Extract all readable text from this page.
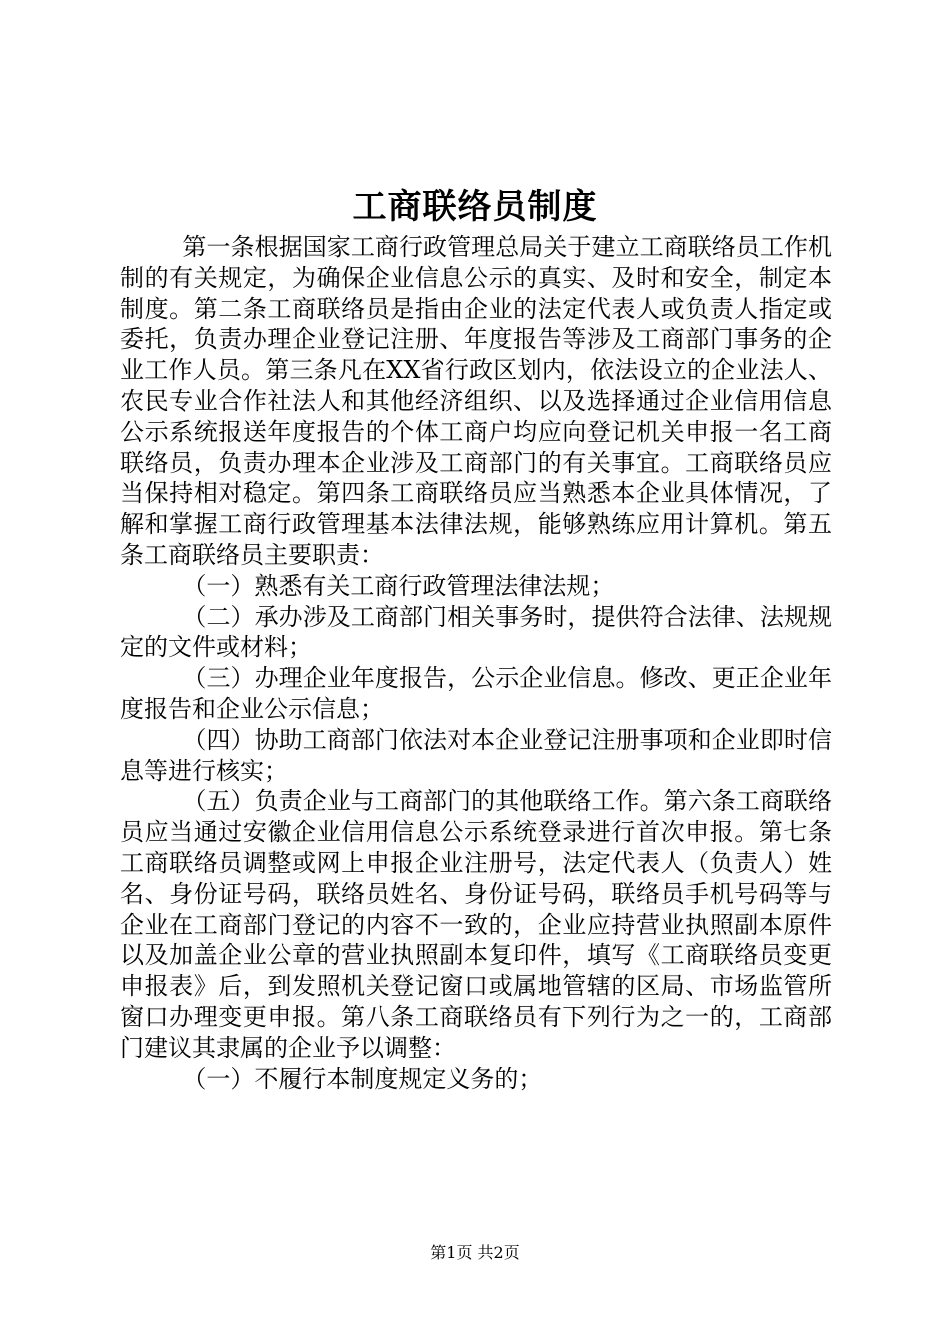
工商联络员制度

第一条根据国家工商行政管理总局关于建立工商联络员工作机制的有关规定，为确保企业信息公示的真实、及时和安全，制定本制度。第二条工商联络员是指由企业的法定代表人或负责人指定或委托，负责办理企业登记注册、年度报告等涉及工商部门事务的企业工作人员。第三条凡在XX省行政区划内，依法设立的企业法人、农民专业合作社法人和其他经济组织、以及选择通过企业信用信息公示系统报送年度报告的个体工商户均应向登记机关申报一名工商联络员，负责办理本企业涉及工商部门的有关事宜。工商联络员应当保持相对稳定。第四条工商联络员应当熟悉本企业具体情况，了解和掌握工商行政管理基本法律法规，能够熟练应用计算机。第五条工商联络员主要职责：

（一）熟悉有关工商行政管理法律法规；

（二）承办涉及工商部门相关事务时，提供符合法律、法规规定的文件或材料；

（三）办理企业年度报告，公示企业信息。修改、更正企业年度报告和企业公示信息；

（四）协助工商部门依法对本企业登记注册事项和企业即时信息等进行核实；

（五）负责企业与工商部门的其他联络工作。第六条工商联络员应当通过安徽企业信用信息公示系统登录进行首次申报。第七条工商联络员调整或网上申报企业注册号，法定代表人（负责人）姓名、身份证号码，联络员姓名、身份证号码，联络员手机号码等与企业在工商部门登记的内容不一致的，企业应持营业执照副本原件以及加盖企业公章的营业执照副本复印件，填写《工商联络员变更申报表》后，到发照机关登记窗口或属地管辖的区局、市场监管所窗口办理变更申报。第八条工商联络员有下列行为之一的，工商部门建议其隶属的企业予以调整：

（一）不履行本制度规定义务的；

第1页 共2页
